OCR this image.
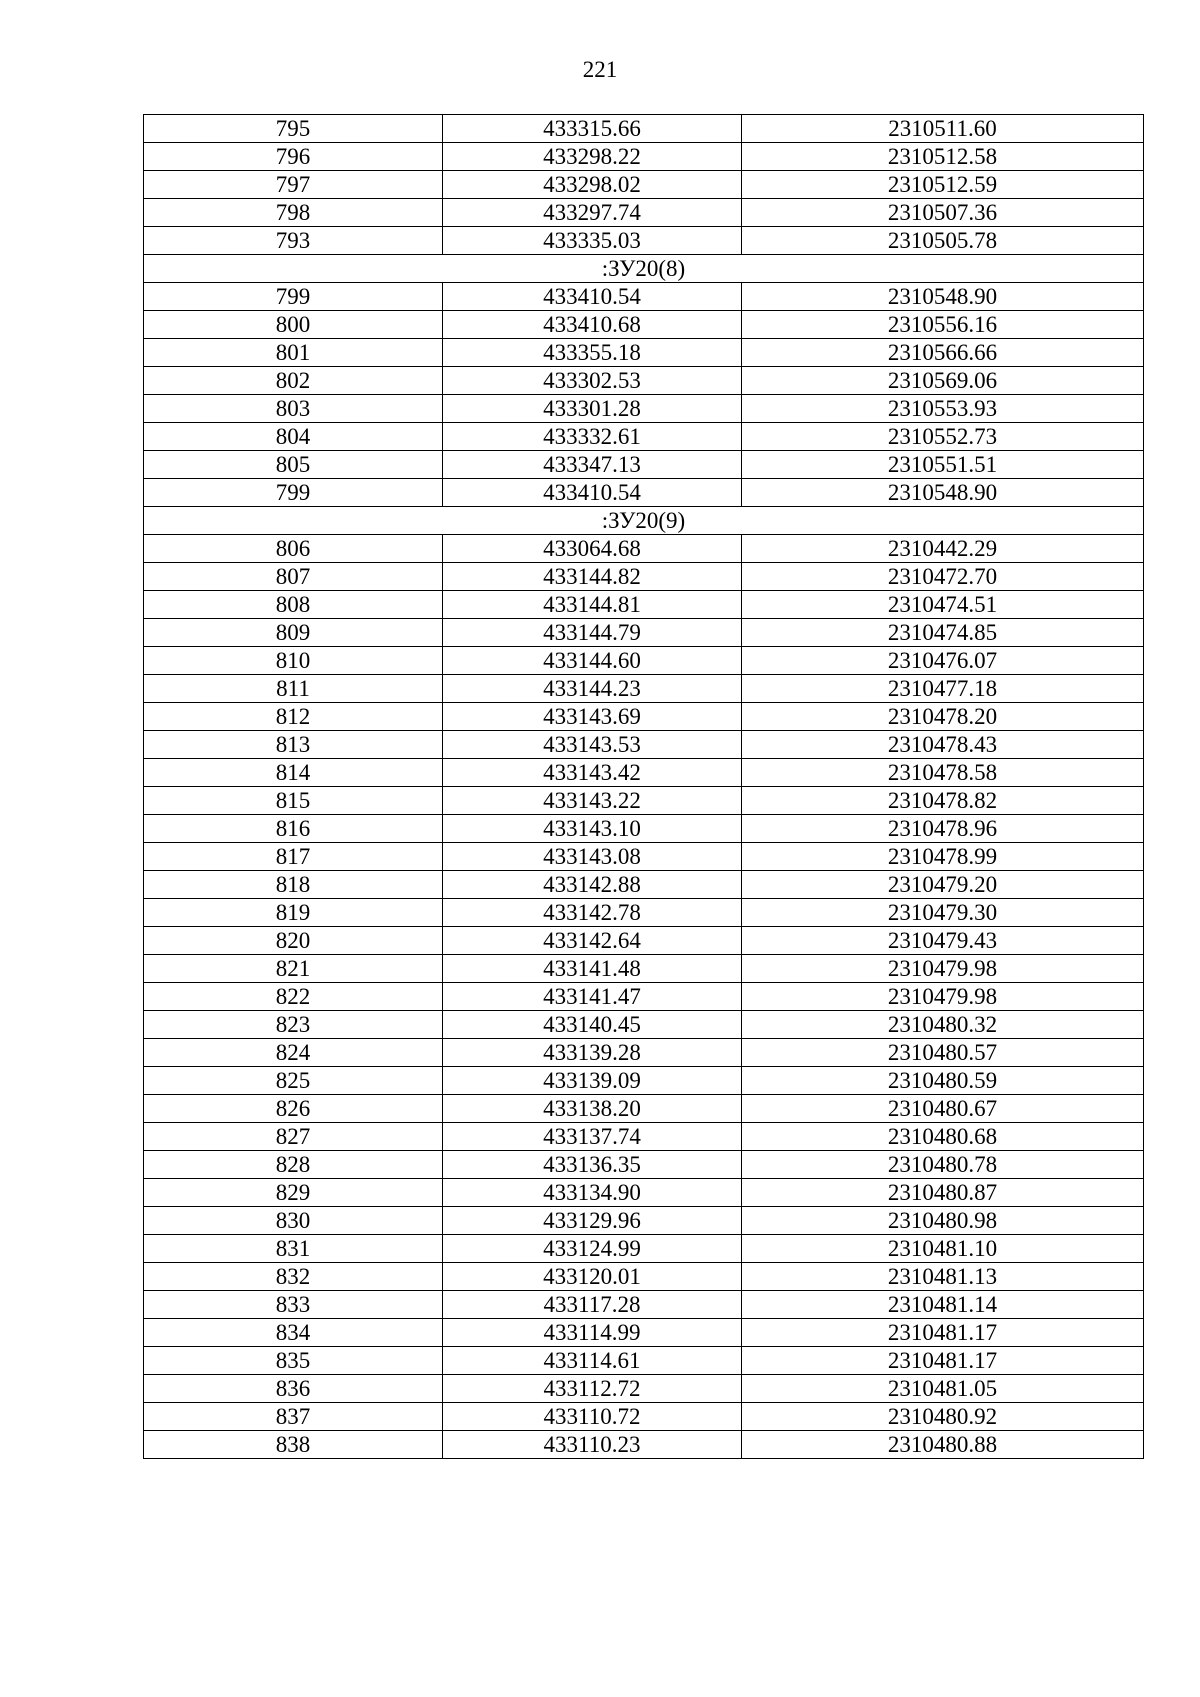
221
795	433315.66	2310511.60
796	433298.22	2310512.58
797	433298.02	2310512.59
798	433297.74	2310507.36
793	433335.03	2310505.78
:ЗУ20(8)		
799	433410.54	2310548.90
800	433410.68	2310556.16
801	433355.18	2310566.66
802	433302.53	2310569.06
803	433301.28	2310553.93
804	433332.61	2310552.73
805	433347.13	2310551.51
799	433410.54	2310548.90
:ЗУ20(9)		
806	433064.68	2310442.29
807	433144.82	2310472.70
808	433144.81	2310474.51
809	433144.79	2310474.85
810	433144.60	2310476.07
811	433144.23	2310477.18
812	433143.69	2310478.20
813	433143.53	2310478.43
814	433143.42	2310478.58
815	433143.22	2310478.82
816	433143.10	2310478.96
817	433143.08	2310478.99
818	433142.88	2310479.20
819	433142.78	2310479.30
820	433142.64	2310479.43
821	433141.48	2310479.98
822	433141.47	2310479.98
823	433140.45	2310480.32
824	433139.28	2310480.57
825	433139.09	2310480.59
826	433138.20	2310480.67
827	433137.74	2310480.68
828	433136.35	2310480.78
829	433134.90	2310480.87
830	433129.96	2310480.98
831	433124.99	2310481.10
832	433120.01	2310481.13
833	433117.28	2310481.14
834	433114.99	2310481.17
835	433114.61	2310481.17
836	433112.72	2310481.05
837	433110.72	2310480.92
838	433110.23	2310480.88
